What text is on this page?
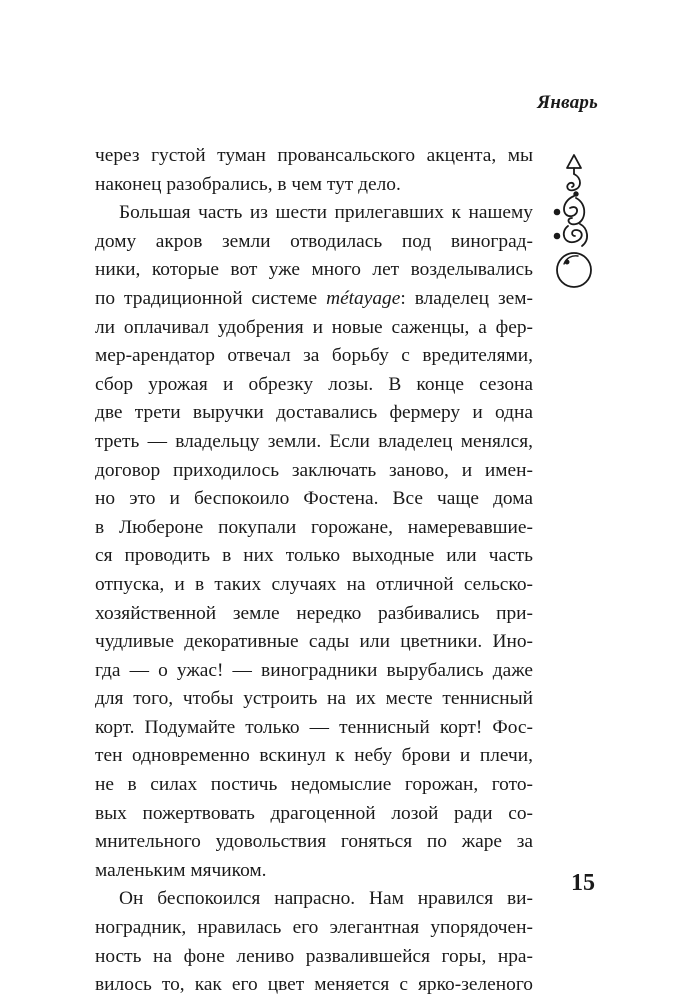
Январь
через густой туман провансальского акцента, мы
наконец разобрались, в чем тут дело.
Большая часть из шести прилегавших к нашему
дому акров земли отводилась под виноград-
ники, которые вот уже много лет возделывались
по традиционной системе métayage: владелец зем-
ли оплачивал удобрения и новые саженцы, а фер-
мер-арендатор отвечал за борьбу с вредителями,
сбор урожая и обрезку лозы. В конце сезона
две трети выручки доставались фермеру и одна
треть — владельцу земли. Если владелец менялся,
договор приходилось заключать заново, и имен-
но это и беспокоило Фостена. Все чаще дома
в Любероне покупали горожане, намеревавшие-
ся проводить в них только выходные или часть
отпуска, и в таких случаях на отличной сельско-
хозяйственной земле нередко разбивались при-
чудливые декоративные сады или цветники. Ино-
гда — о ужас! — виноградники вырубались даже
для того, чтобы устроить на их месте теннисный
корт. Подумайте только — теннисный корт! Фос-
тен одновременно вскинул к небу брови и плечи,
не в силах постичь недомыслие горожан, гото-
вых пожертвовать драгоценной лозой ради со-
мнительного удовольствия гоняться по жаре за
маленьким мячиком.
Он беспокоился напрасно. Нам нравился ви-
ноградник, нравилась его элегантная упорядочен-
ность на фоне лениво развалившейся горы, нра-
вилось то, как его цвет меняется с ярко-зеленого
15
